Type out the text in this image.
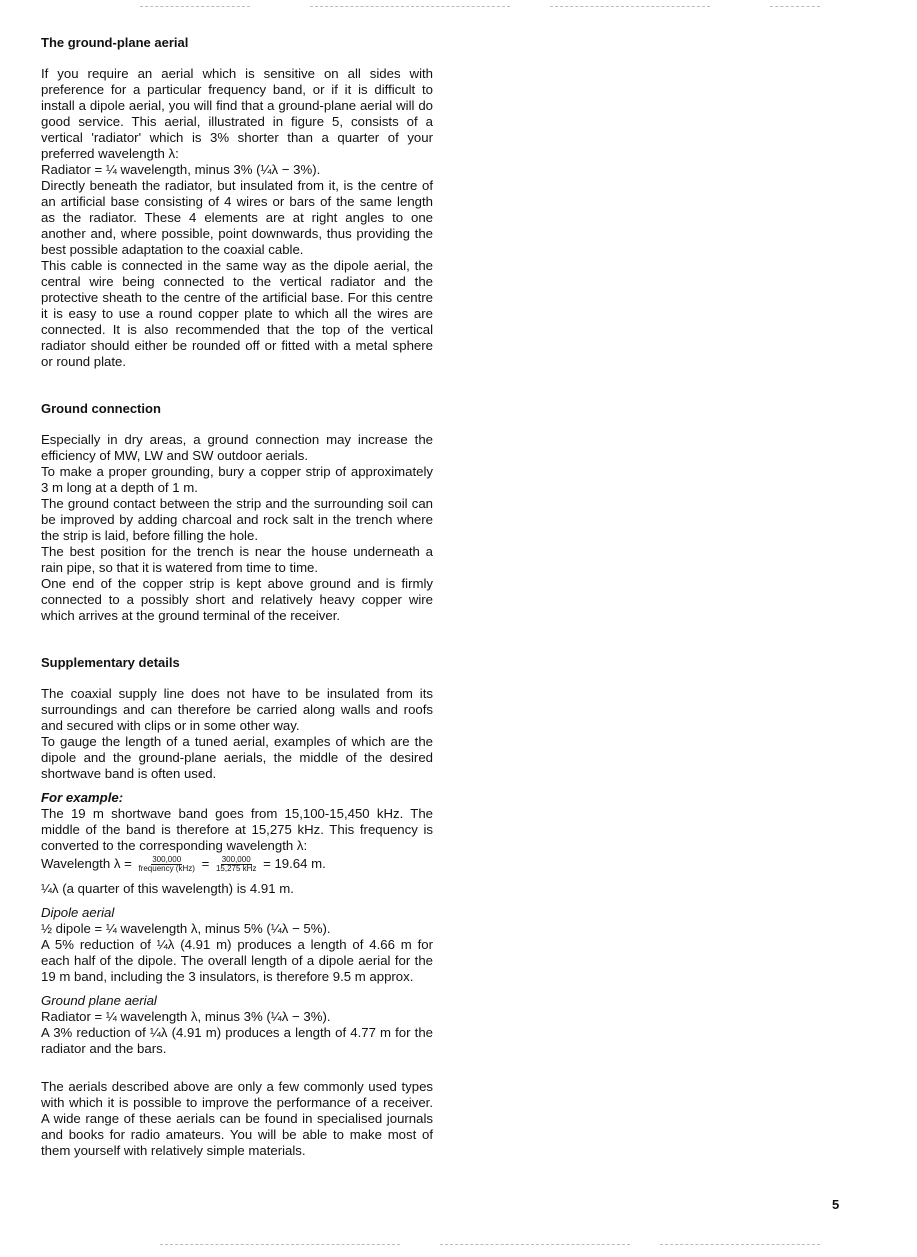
The ground-plane aerial

If you require an aerial which is sensitive on all sides with preference for a particular frequency band, or if it is difficult to install a dipole aerial, you will find that a ground-plane aerial will do good service. This aerial, illustrated in figure 5, consists of a vertical 'radiator' which is 3% shorter than a quarter of your preferred wavelength λ:

Radiator = ¼ wavelength, minus 3% (¼λ − 3%).

Directly beneath the radiator, but insulated from it, is the centre of an artificial base consisting of 4 wires or bars of the same length as the radiator. These 4 elements are at right angles to one another and, where possible, point downwards, thus providing the best possible adaptation to the coaxial cable.

This cable is connected in the same way as the dipole aerial, the central wire being connected to the vertical radiator and the protective sheath to the centre of the artificial base. For this centre it is easy to use a round copper plate to which all the wires are connected. It is also recommended that the top of the vertical radiator should either be rounded off or fitted with a metal sphere or round plate.

Ground connection

Especially in dry areas, a ground connection may increase the efficiency of MW, LW and SW outdoor aerials.

To make a proper grounding, bury a copper strip of approximately 3 m long at a depth of 1 m.

The ground contact between the strip and the surrounding soil can be improved by adding charcoal and rock salt in the trench where the strip is laid, before filling the hole.

The best position for the trench is near the house underneath a rain pipe, so that it is watered from time to time.

One end of the copper strip is kept above ground and is firmly connected to a possibly short and relatively heavy copper wire which arrives at the ground terminal of the receiver.

Supplementary details

The coaxial supply line does not have to be insulated from its surroundings and can therefore be carried along walls and roofs and secured with clips or in some other way.

To gauge the length of a tuned aerial, examples of which are the dipole and the ground-plane aerials, the middle of the desired shortwave band is often used.

For example:

The 19 m shortwave band goes from 15,100-15,450 kHz. The middle of the band is therefore at 15,275 kHz. This frequency is converted to the corresponding wavelength λ:

Wavelength $\lambda = \frac{300,000}{\text{frequency (kHz)}} = \frac{300,000}{\text{15,275 kHz}} = 19.64$ m.

¼λ (a quarter of this wavelength) is 4.91 m.

Dipole aerial

½ dipole = ¼ wavelength λ, minus 5% (¼λ − 5%).

A 5% reduction of ¼λ (4.91 m) produces a length of 4.66 m for each half of the dipole. The overall length of a dipole aerial for the 19 m band, including the 3 insulators, is therefore 9.5 m approx.

Ground plane aerial

Radiator = ¼ wavelength λ, minus 3% (¼λ − 3%).

A 3% reduction of ¼λ (4.91 m) produces a length of 4.77 m for the radiator and the bars.

The aerials described above are only a few commonly used types with which it is possible to improve the performance of a receiver. A wide range of these aerials can be found in specialised journals and books for radio amateurs. You will be able to make most of them yourself with relatively simple materials.

5
